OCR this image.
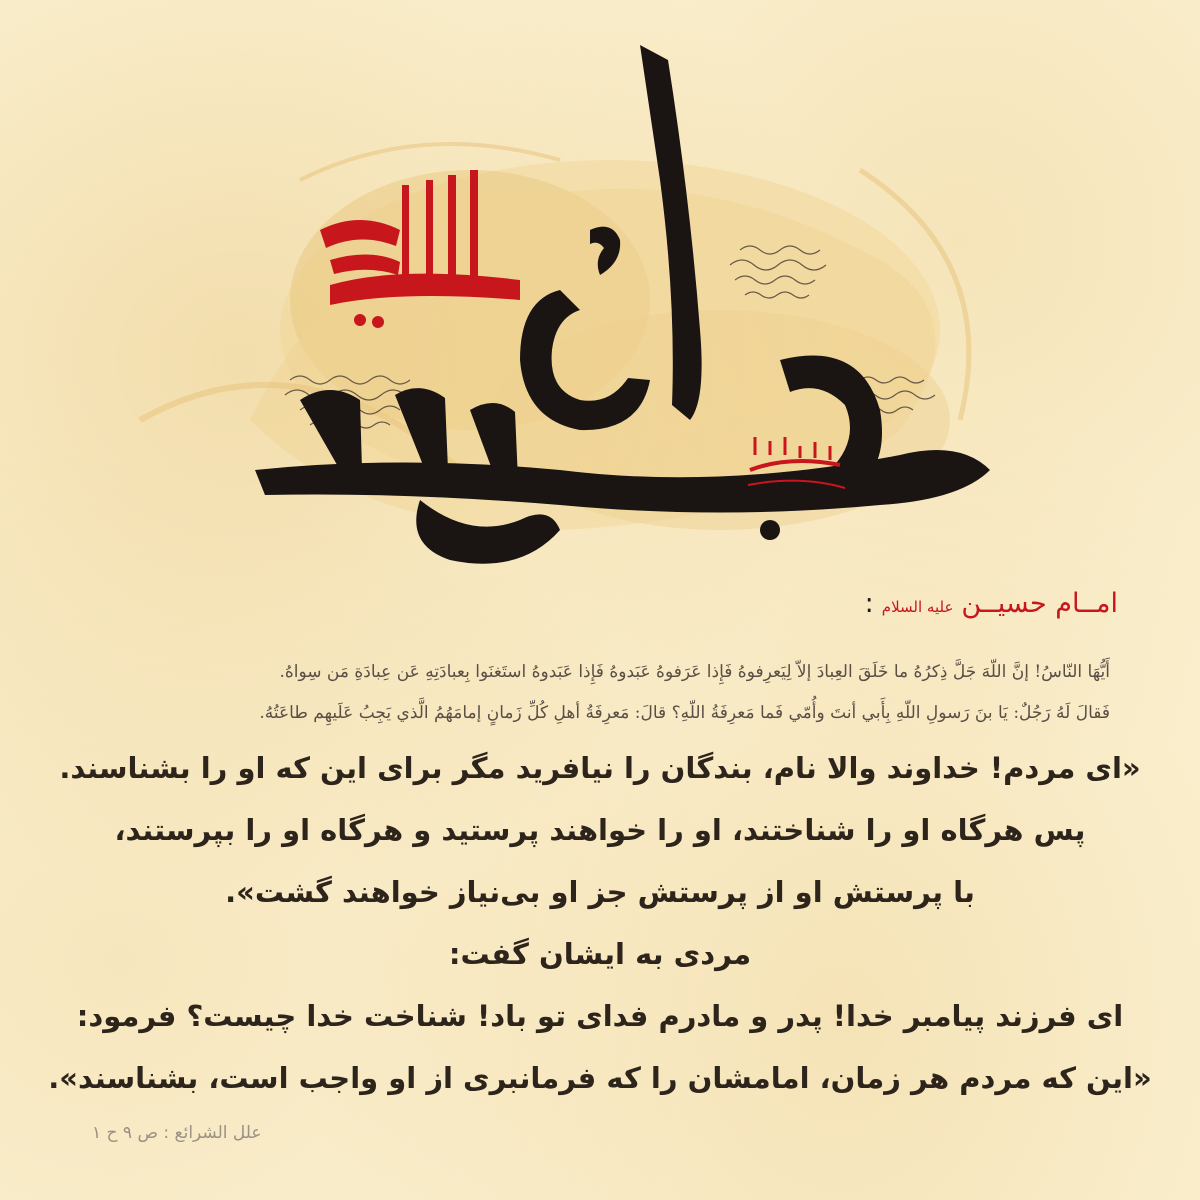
امــام حسیــن
علیه السلام
:
أَيُّهَا النّاسُ! إنَّ اللّهَ جَلَّ ذِكرُهُ ما خَلَقَ العِبادَ إلاّ لِيَعرِفوهُ فَإِذا عَرَفوهُ عَبَدوهُ فَإِذا عَبَدوهُ استَغنَوا بِعبادَتِهِ عَن عِبادَةِ مَن سِواهُ.
فَقالَ لَهُ رَجُلٌ: يَا بنَ رَسولِ اللّهِ بِأَبي أنتَ وأُمّي فَما مَعرِفَةُ اللّهِ؟ قالَ: مَعرِفَةُ أهلِ كُلِّ زَمانٍ إمامَهُمُ الَّذي يَجِبُ عَلَيهِم طاعَتُهُ.
«ای مردم! خداوند والا نام، بندگان را نیافرید مگر برای این که او را بشناسند.
پس هرگاه او را شناختند، او را خواهند پرستید و هرگاه او را بپرستند،
با پرستش او از پرستش جز او بی‌نیاز خواهند گشت».
مردی به ایشان گفت:
ای فرزند پیامبر خدا! پدر و مادرم فدای تو باد! شناخت خدا چیست؟ فرمود:
«این که مردم هر زمان، امامشان را که فرمانبری از او واجب است، بشناسند».
علل الشرائع : ص ۹ ح ۱
